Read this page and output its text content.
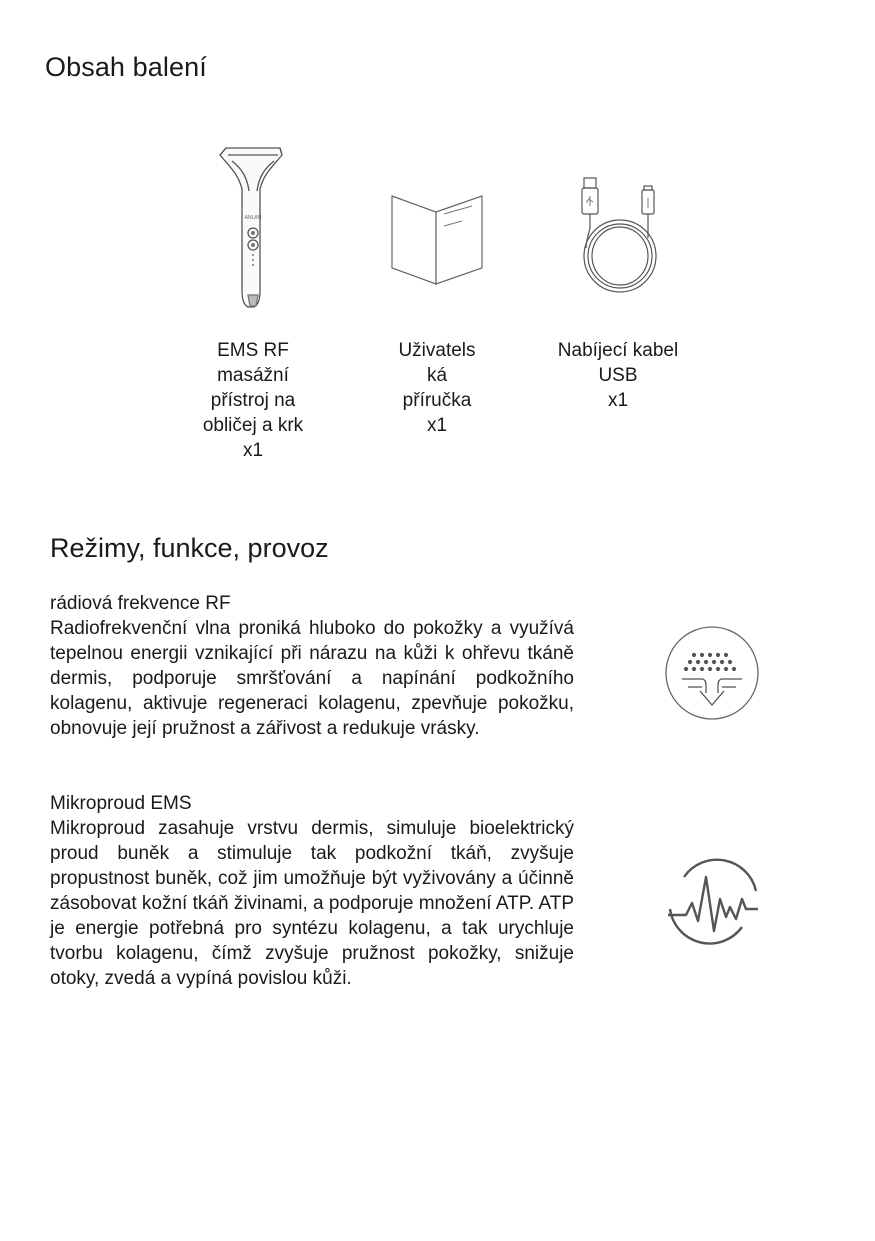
Obsah balení
ANLAN
EMS RF
masážní
přístroj na
obličej a krk
x1
Uživatels
ká
příručka
x1
Nabíjecí kabel
USB
x1
Režimy, funkce, provoz
rádiová frekvence RF
Radiofrekvenční vlna proniká hluboko do pokožky a využívá tepelnou energii vznikající při nárazu na kůži k ohřevu tkáně dermis, podporuje smršťování a napínání podkožního kolagenu, aktivuje regeneraci kolagenu, zpevňuje pokožku, obnovuje její pružnost a zářivost a redukuje vrásky.
Mikroproud EMS
Mikroproud zasahuje vrstvu dermis, simuluje bioelektrický proud buněk a stimuluje tak podkožní tkáň, zvyšuje propustnost buněk, což jim umožňuje být vyživovány a účinně zásobovat kožní tkáň živinami, a podporuje množení ATP. ATP je energie potřebná pro syntézu kolagenu, a tak urychluje tvorbu kolagenu, čímž zvyšuje pružnost pokožky, snižuje otoky, zvedá a vypíná povislou kůži.
